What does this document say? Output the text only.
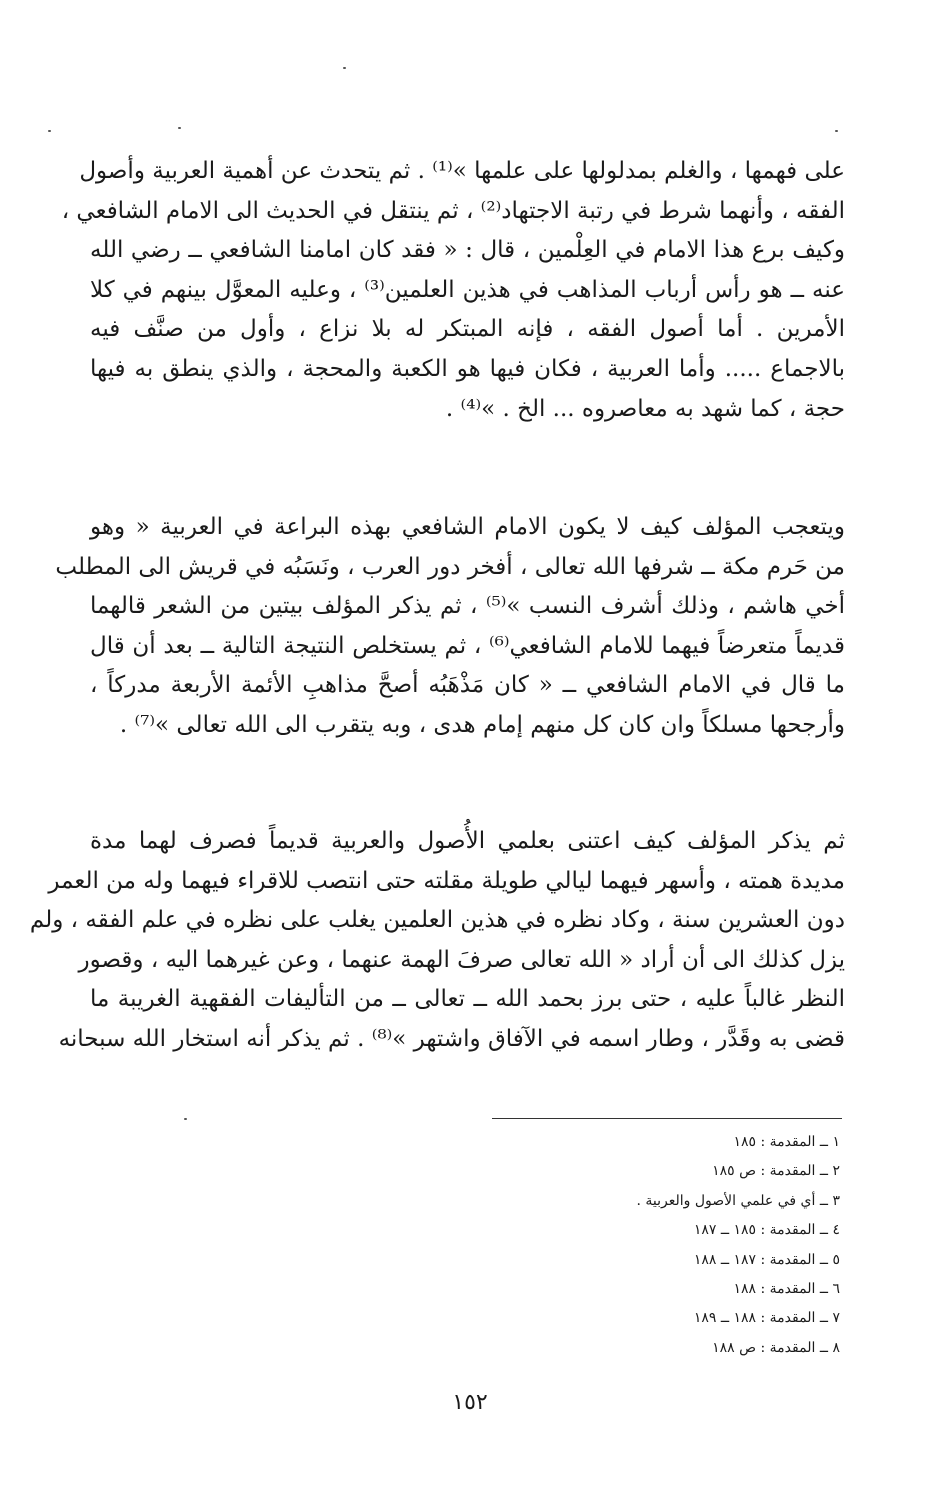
على فهمها ، والغلم بمدلولها على علمها »⁽¹⁾ . ثم يتحدث عن أهمية العربية وأصول
الفقه ، وأنهما شرط في رتبة الاجتهاد⁽²⁾ ، ثم ينتقل في الحديث الى الامام الشافعي ،
وكيف برع هذا الامام في العِلْمين ، قال : « فقد كان امامنا الشافعي ــ رضي الله
عنه ــ هو رأس أرباب المذاهب في هذين العلمين⁽³⁾ ، وعليه المعوَّل بينهم في كلا
الأمرين . أما أصول الفقه ، فإنه المبتكر له بلا نزاع ، وأول من صنَّف فيه
بالاجماع ..... وأما العربية ، فكان فيها هو الكعبة والمحجة ، والذي ينطق به فيها
حجة ، كما شهد به معاصروه ... الخ . »⁽⁴⁾ .
ويتعجب المؤلف كيف لا يكون الامام الشافعي بهذه البراعة في العربية « وهو
من حَرم مكة ــ شرفها الله تعالى ، أفخر دور العرب ، ونَسَبُه في قريش الى المطلب
أخي هاشم ، وذلك أشرف النسب »⁽⁵⁾ ، ثم يذكر المؤلف بيتين من الشعر قالهما
قديماً متعرضاً فيهما للامام الشافعي⁽⁶⁾ ، ثم يستخلص النتيجة التالية ــ بعد أن قال
ما قال في الامام الشافعي ــ « كان مَذْهَبُه أصحَّ مذاهبِ الأئمة الأربعة مدركاً ،
وأرجحها مسلكاً وان كان كل منهم إمام هدى ، وبه يتقرب الى الله تعالى »⁽⁷⁾ .
ثم يذكر المؤلف كيف اعتنى بعلمي الأُصول والعربية قديماً فصرف لهما مدة
مديدة همته ، وأسهر فيهما ليالي طويلة مقلته حتى انتصب للاقراء فيهما وله من العمر
دون العشرين سنة ، وكاد نظره في هذين العلمين يغلب على نظره في علم الفقه ، ولم
يزل كذلك الى أن أراد « الله تعالى صرفَ الهمة عنهما ، وعن غيرهما اليه ، وقصور
النظر غالباً عليه ، حتى برز بحمد الله ــ تعالى ــ من التأليفات الفقهية الغريبة ما
قضى به وقَدَّر ، وطار اسمه في الآفاق واشتهر »⁽⁸⁾ . ثم يذكر أنه استخار الله سبحانه
١ ــ المقدمة : ١٨٥
٢ ــ المقدمة : ص ١٨٥
٣ ــ أي في علمي الأصول والعربية .
٤ ــ المقدمة : ١٨٥ ــ ١٨٧
٥ ــ المقدمة : ١٨٧ ــ ١٨٨
٦ ــ المقدمة : ١٨٨
٧ ــ المقدمة : ١٨٨ ــ ١٨٩
٨ ــ المقدمة : ص ١٨٨
١٥٢
